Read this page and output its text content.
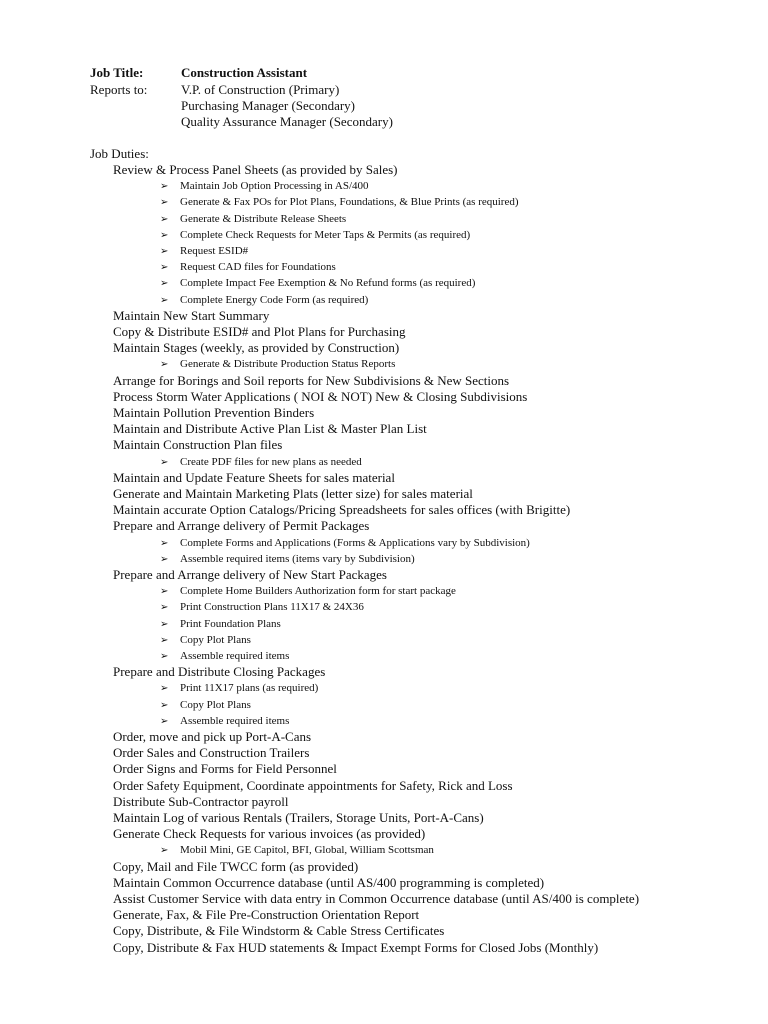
Job Title:	Construction Assistant
Reports to:	V.P. of Construction (Primary)
Purchasing Manager (Secondary)
Quality Assurance Manager (Secondary)
Job Duties:
Review & Process Panel Sheets (as provided by Sales)
➢ Maintain Job Option Processing in AS/400
➢ Generate & Fax POs for Plot Plans, Foundations, & Blue Prints (as required)
➢ Generate & Distribute Release Sheets
➢ Complete Check Requests for Meter Taps & Permits (as required)
➢ Request ESID#
➢ Request CAD files for Foundations
➢ Complete Impact Fee Exemption & No Refund forms (as required)
➢ Complete Energy Code Form (as required)
Maintain New Start Summary
Copy & Distribute ESID# and Plot Plans for Purchasing
Maintain Stages (weekly, as provided by Construction)
➢ Generate & Distribute Production Status Reports
Arrange for Borings and Soil reports for New Subdivisions & New Sections
Process Storm Water Applications ( NOI & NOT) New & Closing Subdivisions
Maintain Pollution Prevention Binders
Maintain and Distribute Active Plan List & Master Plan List
Maintain Construction Plan files
➢ Create PDF files for new plans as needed
Maintain and Update Feature Sheets for sales material
Generate and Maintain Marketing Plats (letter size) for sales material
Maintain accurate Option Catalogs/Pricing Spreadsheets for sales offices (with Brigitte)
Prepare and Arrange delivery of Permit Packages
➢ Complete Forms and Applications (Forms & Applications vary by Subdivision)
➢ Assemble required items (items vary by Subdivision)
Prepare and Arrange delivery of New Start Packages
➢ Complete Home Builders Authorization form for start package
➢ Print Construction Plans 11X17 & 24X36
➢ Print Foundation Plans
➢ Copy Plot Plans
➢ Assemble required items
Prepare and Distribute Closing Packages
➢ Print 11X17 plans (as required)
➢ Copy Plot Plans
➢ Assemble required items
Order, move and pick up Port-A-Cans
Order Sales and Construction Trailers
Order Signs and Forms for Field Personnel
Order Safety Equipment, Coordinate appointments for Safety, Rick and Loss
Distribute Sub-Contractor payroll
Maintain Log of various Rentals (Trailers, Storage Units, Port-A-Cans)
Generate Check Requests for various invoices (as provided)
➢ Mobil Mini, GE Capitol, BFI, Global, William Scottsman
Copy, Mail and File TWCC form (as provided)
Maintain Common Occurrence database (until AS/400 programming is completed)
Assist Customer Service with data entry in Common Occurrence database (until AS/400 is complete)
Generate, Fax, & File Pre-Construction Orientation Report
Copy, Distribute, & File Windstorm & Cable Stress Certificates
Copy, Distribute & Fax HUD statements & Impact Exempt Forms for Closed Jobs (Monthly)
